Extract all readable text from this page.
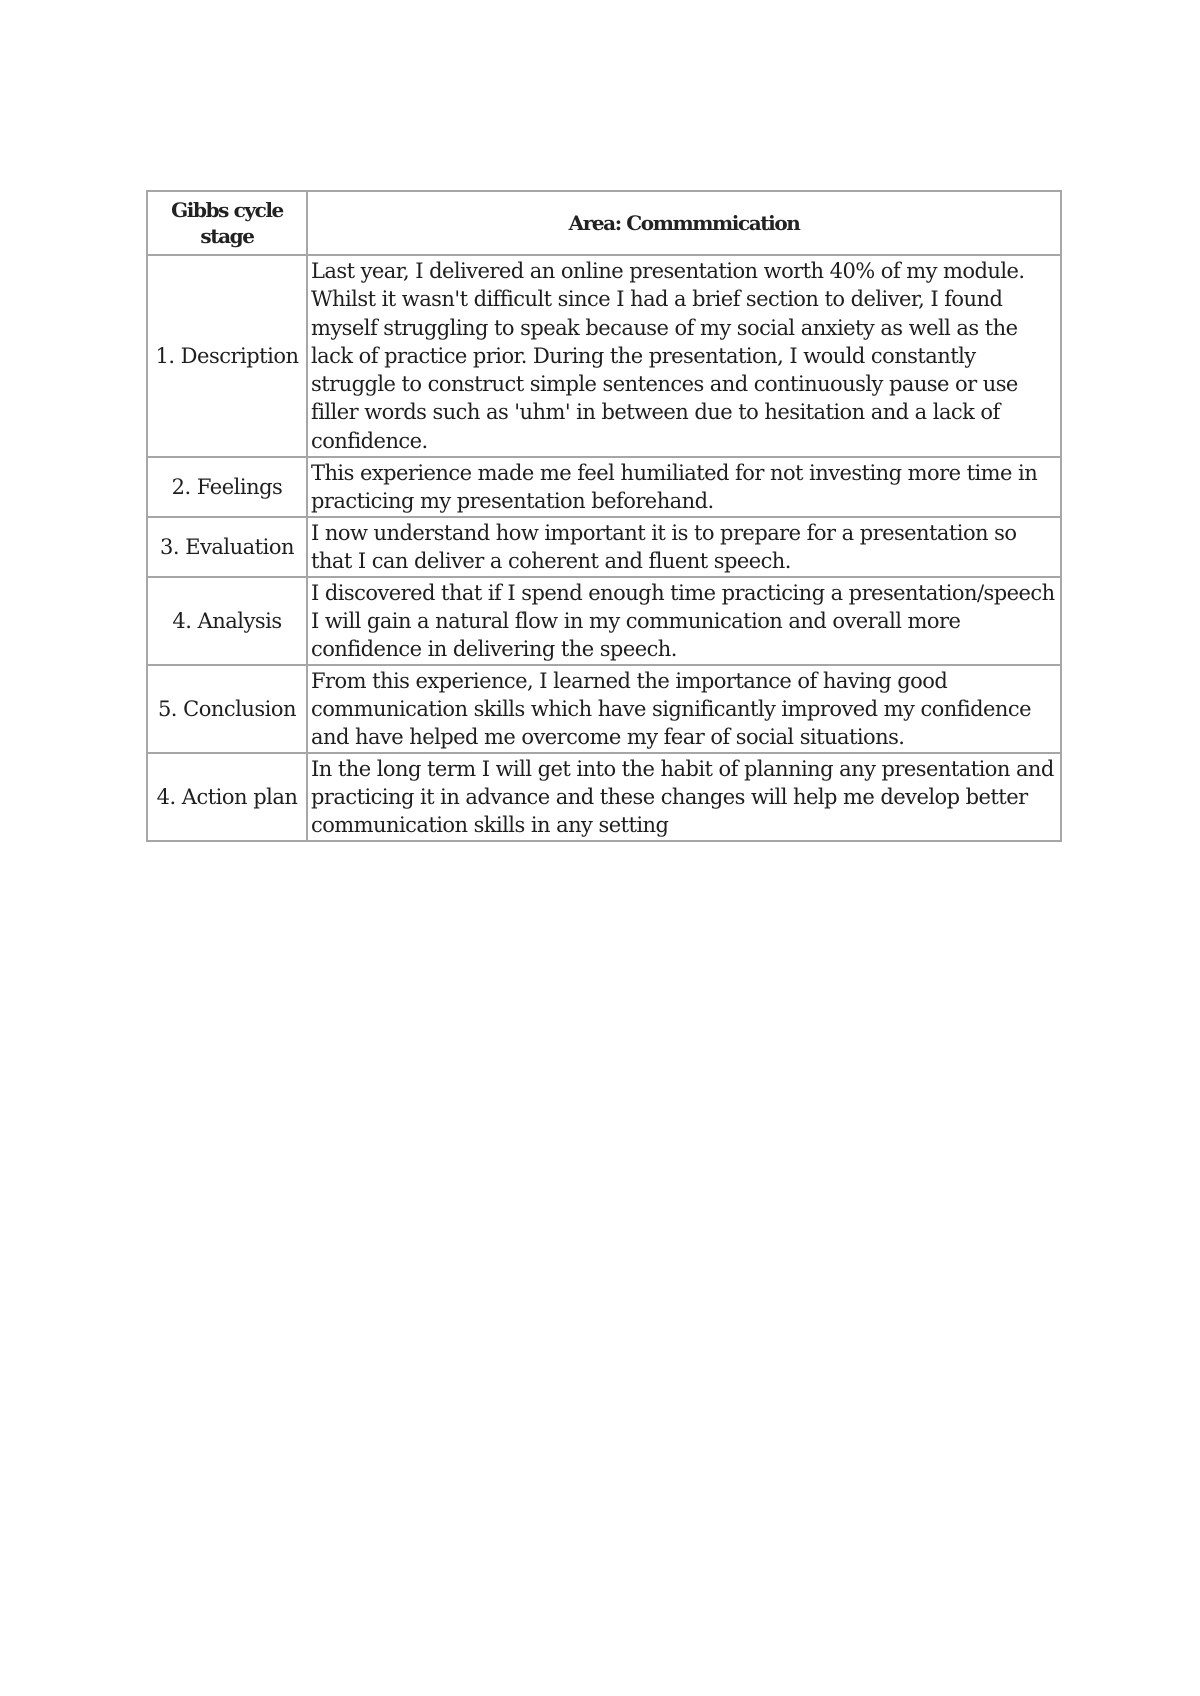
Gibbs cycle stage	Area: Commmmication
1. Description	Last year, I delivered an online presentation worth 40% of my module. Whilst it wasn't difficult since I had a brief section to deliver, I found myself struggling to speak because of my social anxiety as well as the lack of practice prior. During the presentation, I would constantly struggle to construct simple sentences and continuously pause or use filler words such as 'uhm' in between due to hesitation and a lack of confidence.
2. Feelings	This experience made me feel humiliated for not investing more time in practicing my presentation beforehand.
3. Evaluation	I now understand how important it is to prepare for a presentation so that I can deliver a coherent and fluent speech.
4. Analysis	I discovered that if I spend enough time practicing a presentation/speech I will gain a natural flow in my communication and overall more confidence in delivering the speech.
5. Conclusion	From this experience, I learned the importance of having good communication skills which have significantly improved my confidence and have helped me overcome my fear of social situations.
4. Action plan	In the long term I will get into the habit of planning any presentation and practicing it in advance and these changes will help me develop better communication skills in any setting
